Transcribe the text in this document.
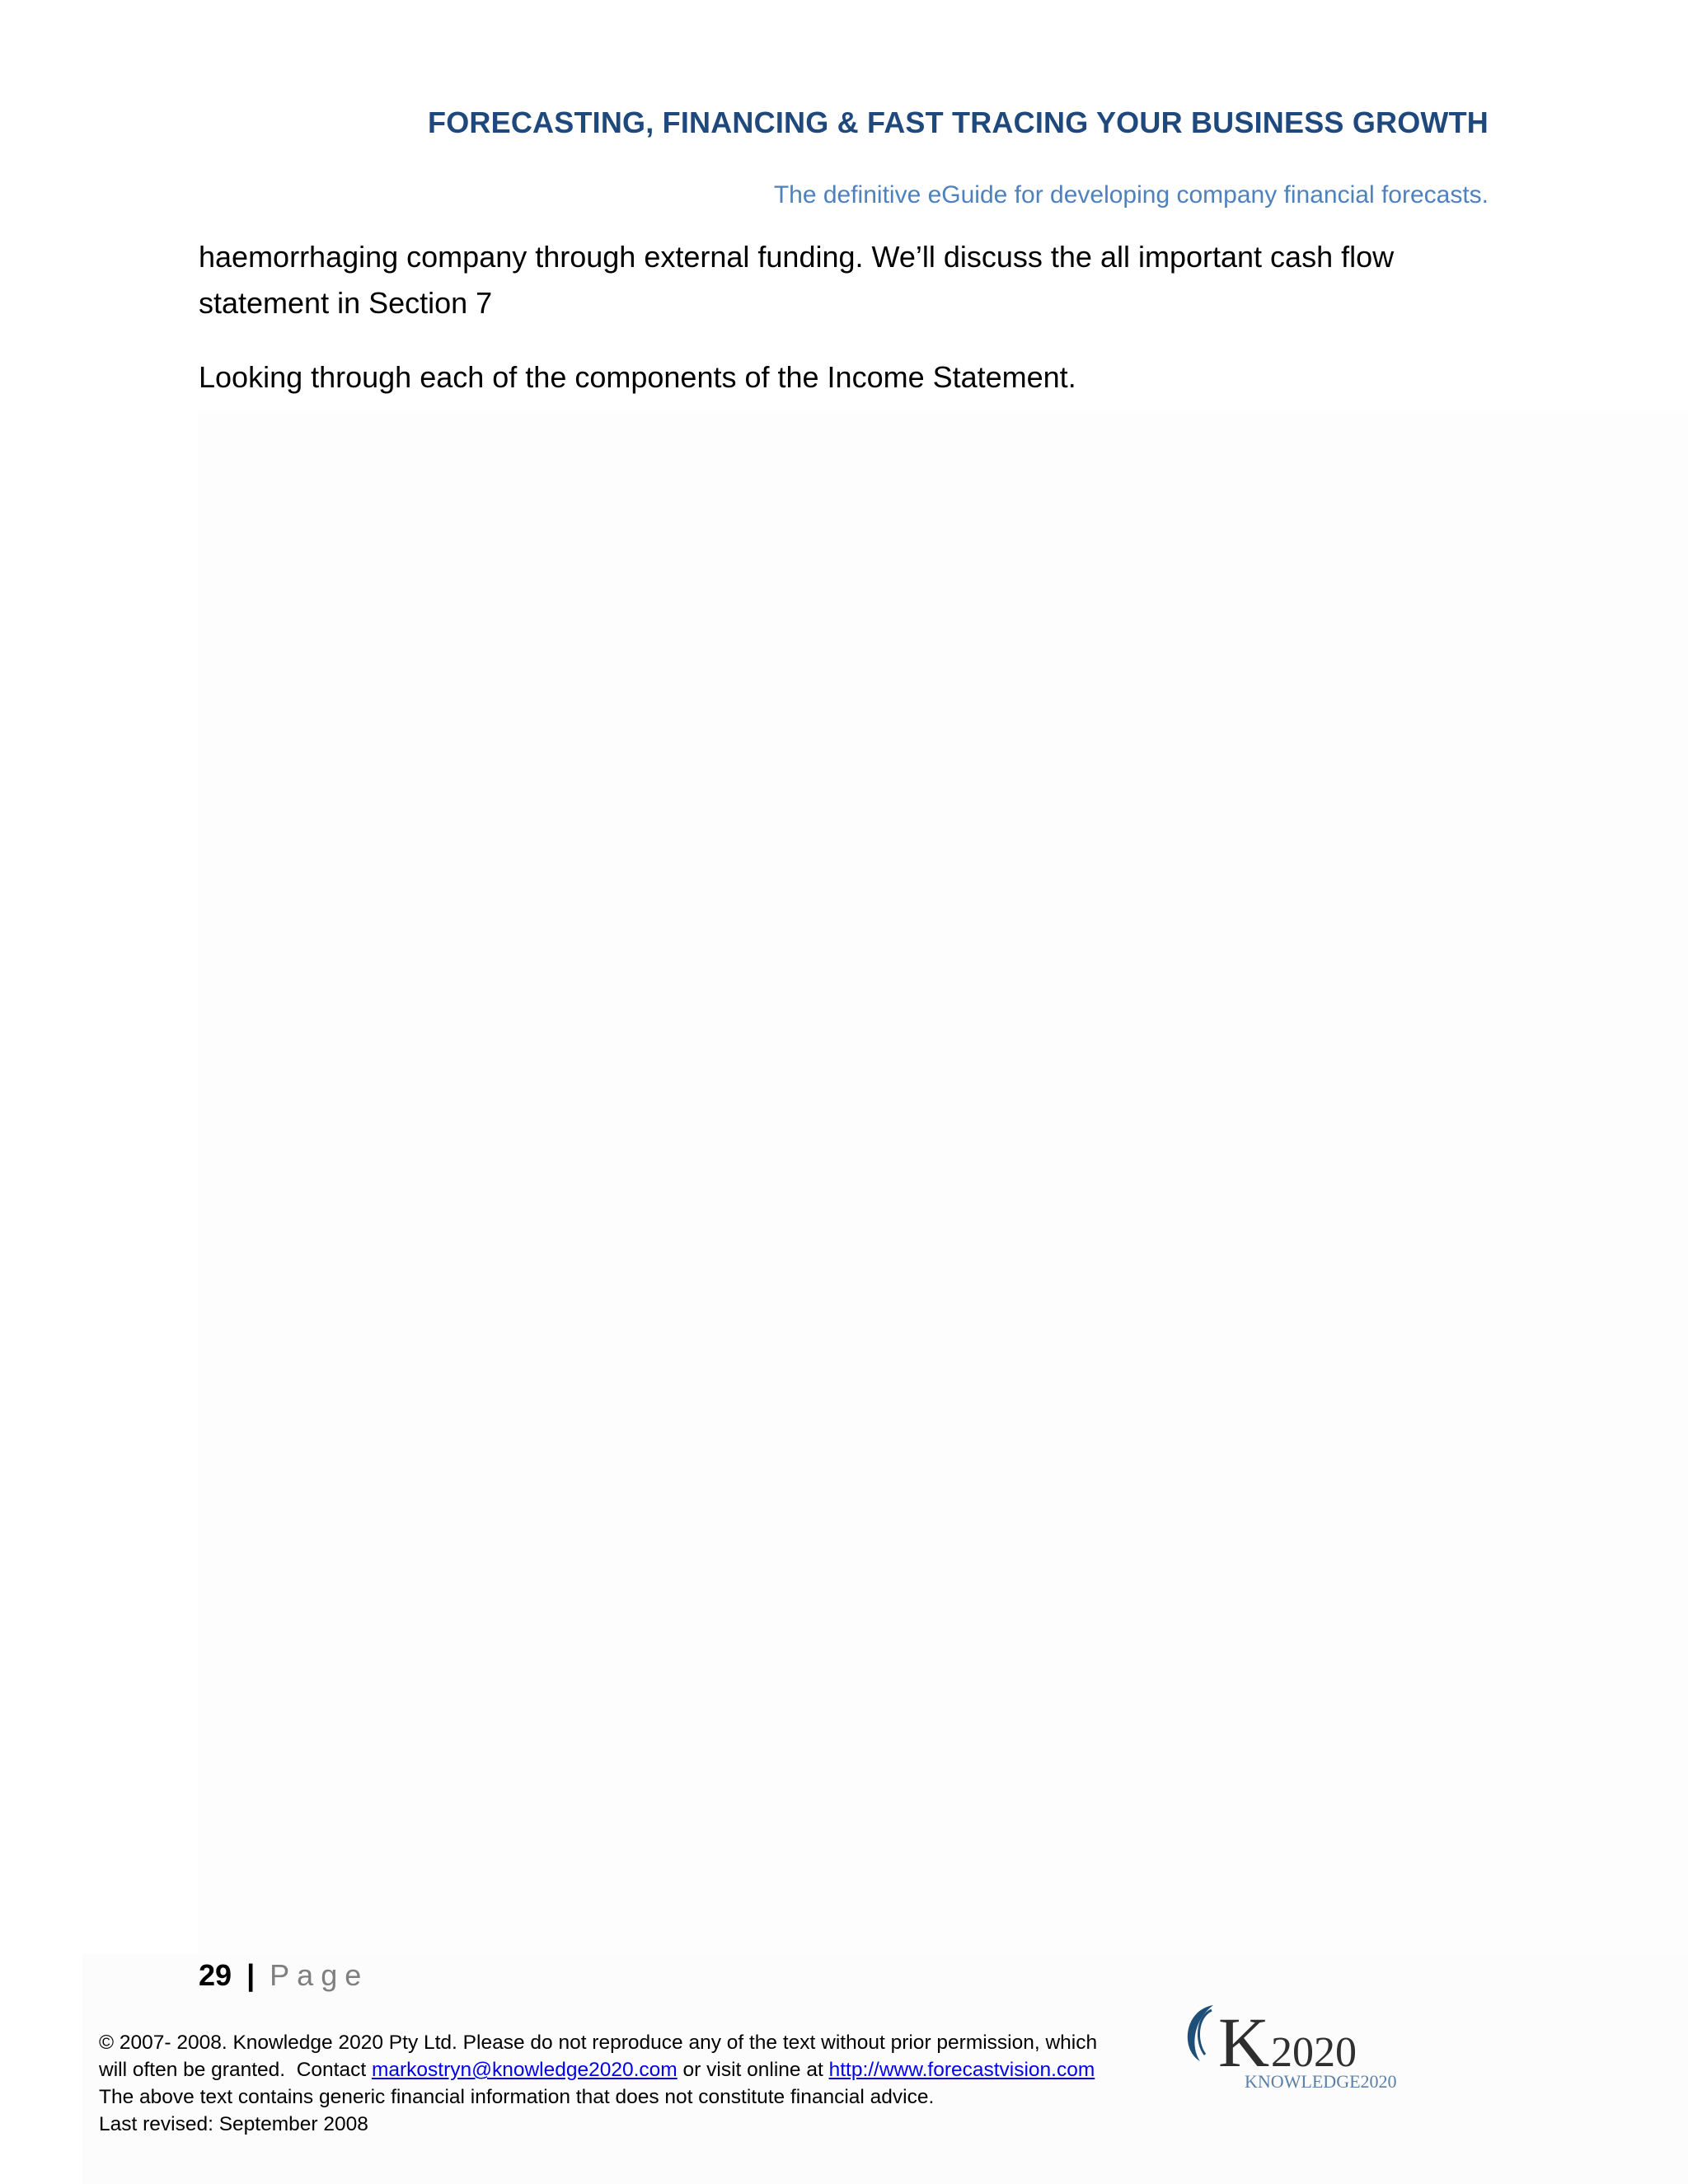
FORECASTING, FINANCING & FAST TRACING YOUR BUSINESS GROWTH
The definitive eGuide for developing company financial forecasts.

haemorrhaging company through external funding. We’ll discuss the all important cash flow statement in Section 7

Looking through each of the components of the Income Statement.

29 | Page
© 2007- 2008. Knowledge 2020 Pty Ltd. Please do not reproduce any of the text without prior permission, which
will often be granted.  Contact markostryn@knowledge2020.com or visit online at http://www.forecastvision.com
The above text contains generic financial information that does not constitute financial advice.
Last revised: September 2008
K 2020
KNOWLEDGE2020
